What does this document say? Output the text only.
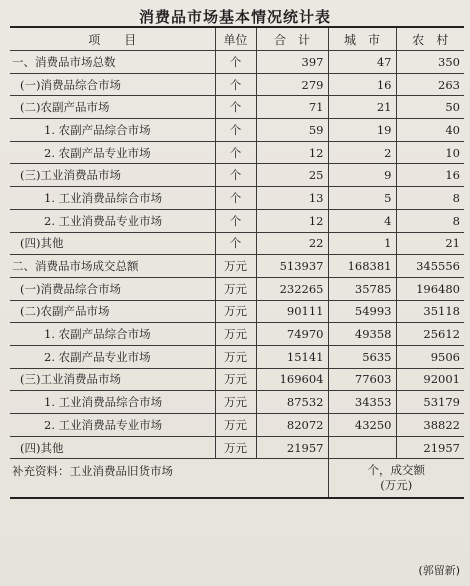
消费品市场基本情况统计表
项　　目	单位	合　计	城　市	农　村
一、消费品市场总数	个	397	47	350
(一)消费品综合市场	个	279	16	263
(二)农副产品市场	个	71	21	50
1. 农副产品综合市场	个	59	19	40
2. 农副产品专业市场	个	12	2	10
(三)工业消费品市场	个	25	9	16
1. 工业消费品综合市场	个	13	5	8
2. 工业消费品专业市场	个	12	4	8
(四)其他	个	22	1	21
二、消费品市场成交总额	万元	513937	168381	345556
(一)消费品综合市场	万元	232265	35785	196480
(二)农副产品市场	万元	90111	54993	35118
1. 农副产品综合市场	万元	74970	49358	25612
2. 农副产品专业市场	万元	15141	5635	9506
(三)工业消费品市场	万元	169604	77603	92001
1. 工业消费品综合市场	万元	87532	34353	53179
2. 工业消费品专业市场	万元	82072	43250	38822
(四)其他	万元	21957		21957
补充资料：工业消费品旧货市场			个，成交额
(万元)	
(郭留新)
